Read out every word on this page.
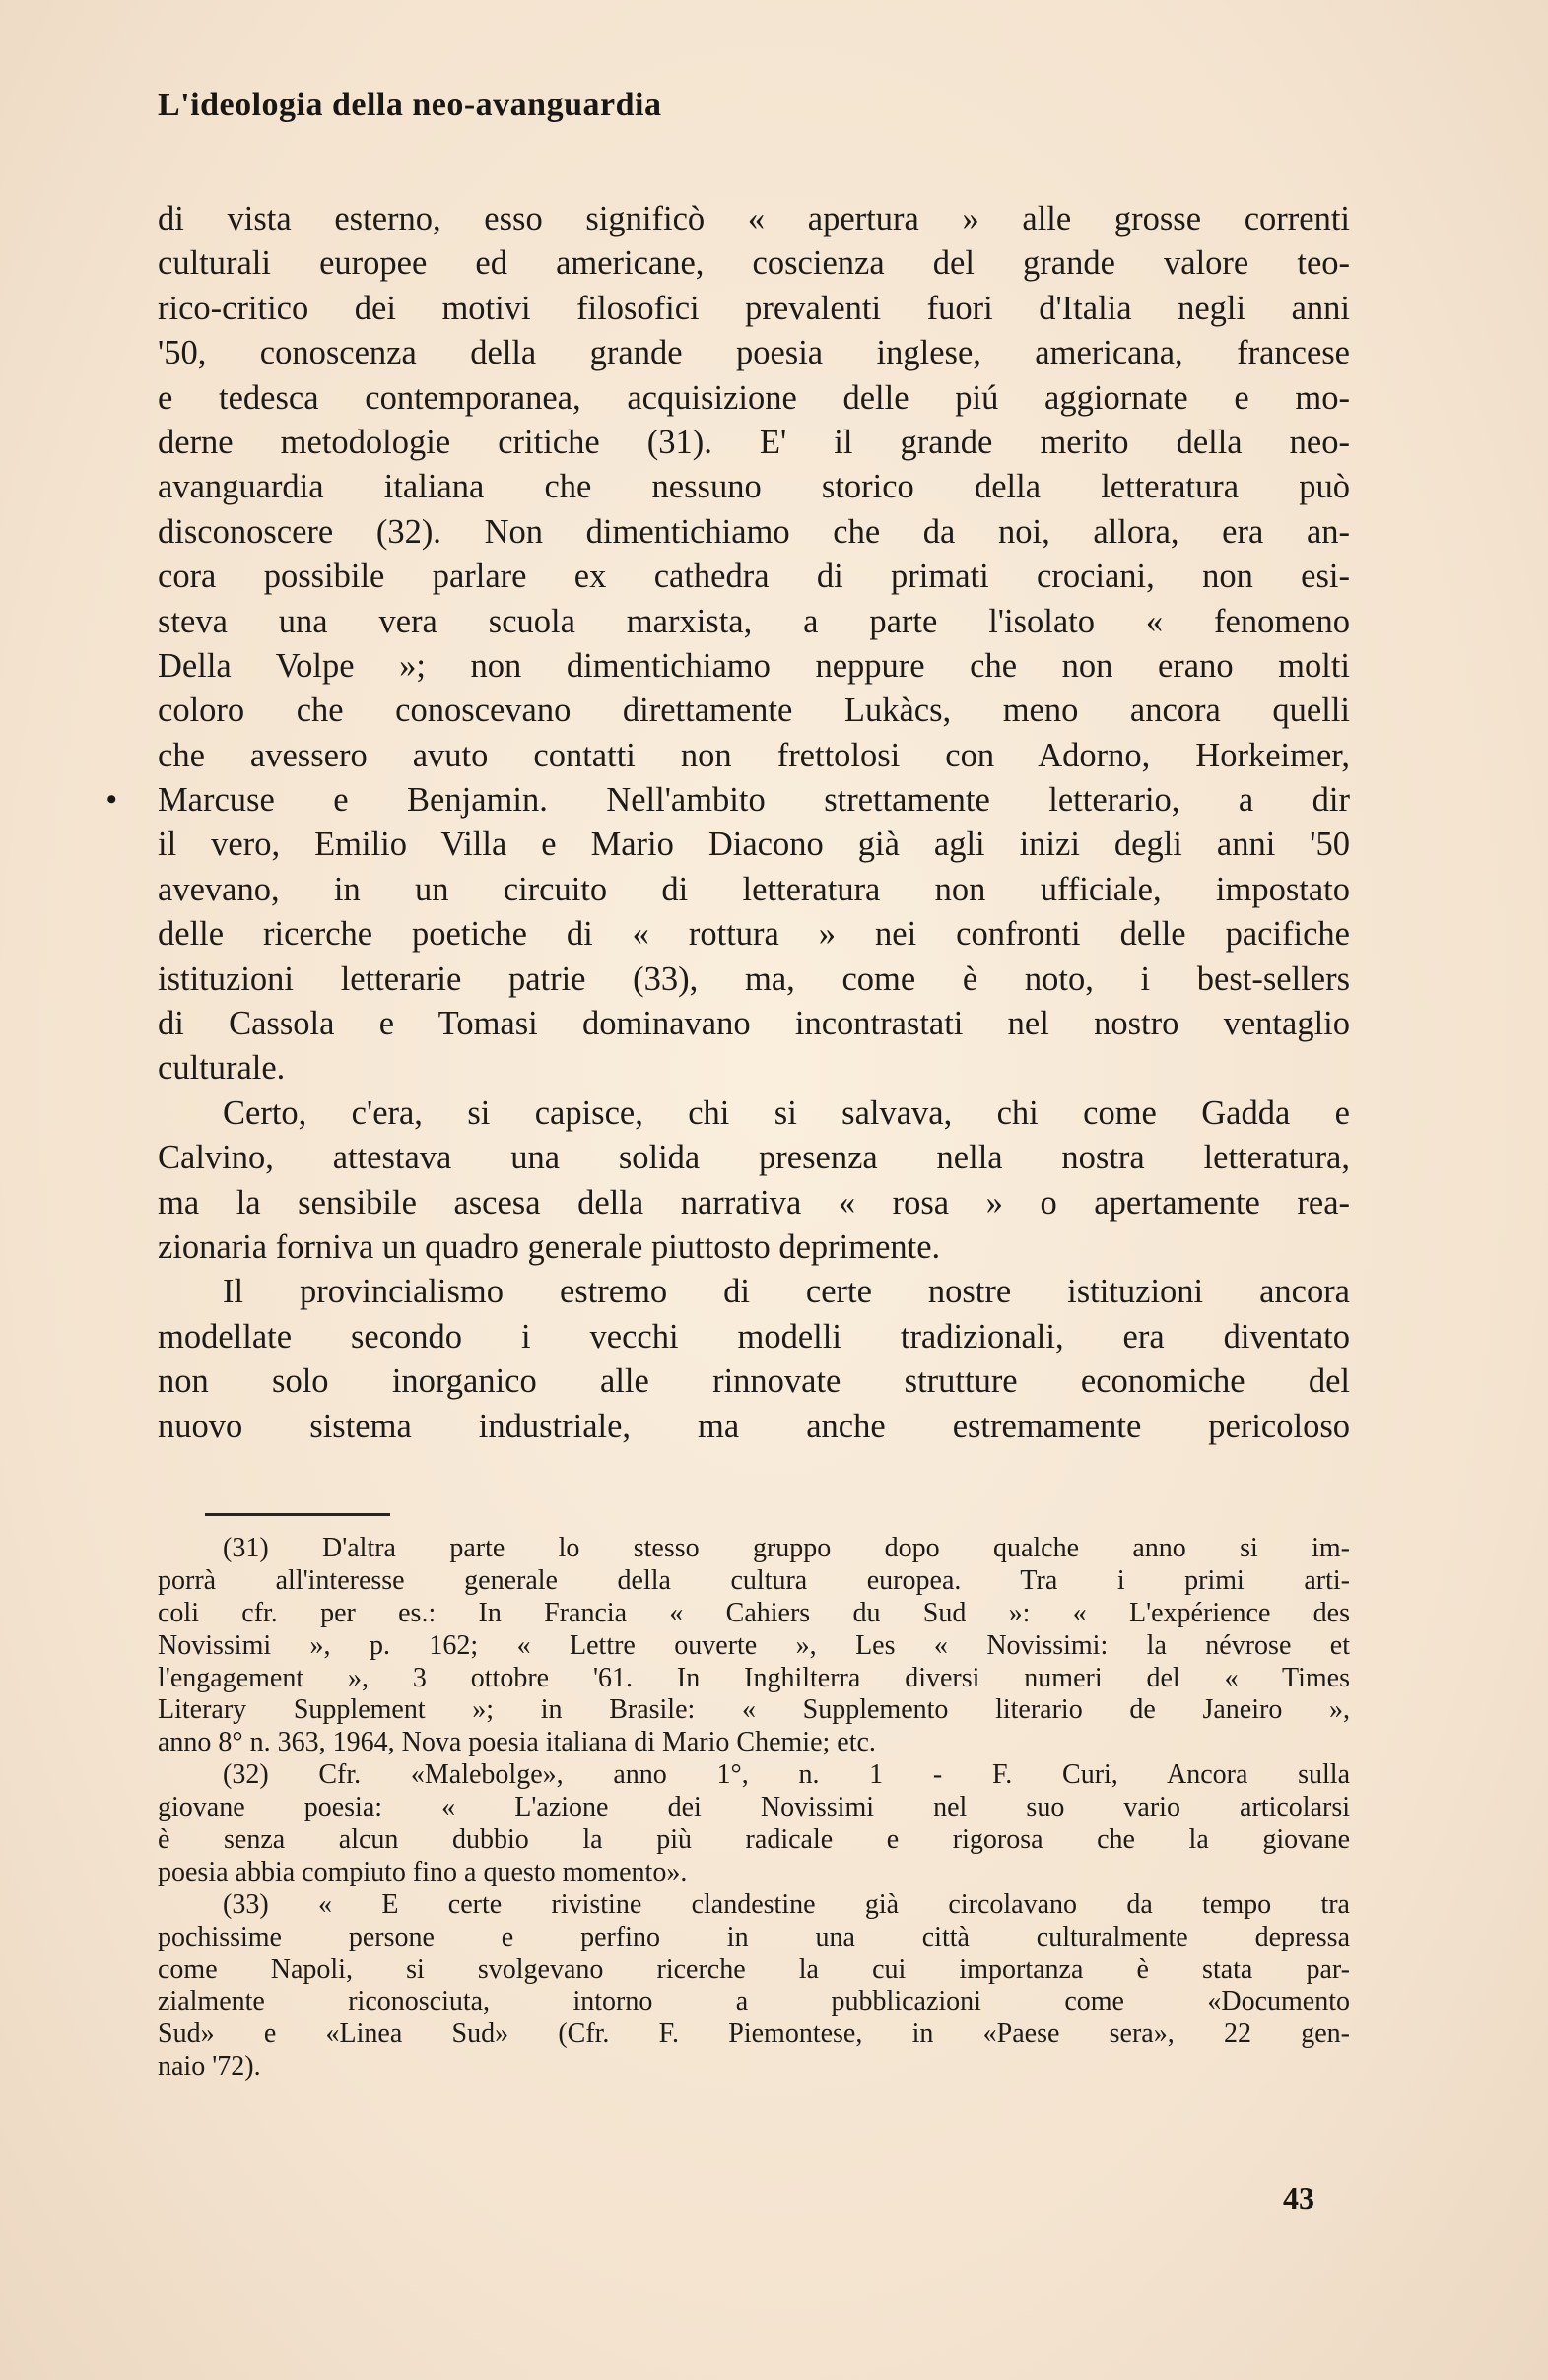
L'ideologia della neo-avanguardia
•
di vista esterno, esso significò « apertura » alle grosse correnti
culturali europee ed americane, coscienza del grande valore teo-
rico-critico dei motivi filosofici prevalenti fuori d'Italia negli anni
'50, conoscenza della grande poesia inglese, americana, francese
e tedesca contemporanea, acquisizione delle piú aggiornate e mo-
derne metodologie critiche (31). E' il grande merito della neo-
avanguardia italiana che nessuno storico della letteratura può
disconoscere (32). Non dimentichiamo che da noi, allora, era an-
cora possibile parlare ex cathedra di primati crociani, non esi-
steva una vera scuola marxista, a parte l'isolato « fenomeno
Della Volpe »; non dimentichiamo neppure che non erano molti
coloro che conoscevano direttamente Lukàcs, meno ancora quelli
che avessero avuto contatti non frettolosi con Adorno, Horkeimer,
Marcuse e Benjamin. Nell'ambito strettamente letterario, a dir
il vero, Emilio Villa e Mario Diacono già agli inizi degli anni '50
avevano, in un circuito di letteratura non ufficiale, impostato
delle ricerche poetiche di « rottura » nei confronti delle pacifiche
istituzioni letterarie patrie (33), ma, come è noto, i best-sellers
di Cassola e Tomasi dominavano incontrastati nel nostro ventaglio
culturale.
Certo, c'era, si capisce, chi si salvava, chi come Gadda e
Calvino, attestava una solida presenza nella nostra letteratura,
ma la sensibile ascesa della narrativa « rosa » o apertamente rea-
zionaria forniva un quadro generale piuttosto deprimente.
Il provincialismo estremo di certe nostre istituzioni ancora
modellate secondo i vecchi modelli tradizionali, era diventato
non solo inorganico alle rinnovate strutture economiche del
nuovo sistema industriale, ma anche estremamente pericoloso
(31) D'altra parte lo stesso gruppo dopo qualche anno si im-
porrà all'interesse generale della cultura europea. Tra i primi arti-
coli cfr. per es.: In Francia « Cahiers du Sud »: « L'expérience des
Novissimi », p. 162; « Lettre ouverte », Les « Novissimi: la névrose et
l'engagement », 3 ottobre '61. In Inghilterra diversi numeri del « Times
Literary Supplement »; in Brasile: « Supplemento literario de Janeiro »,
anno 8° n. 363, 1964, Nova poesia italiana di Mario Chemie; etc.
(32) Cfr. «Malebolge», anno 1°, n. 1 - F. Curi, Ancora sulla
giovane poesia: « L'azione dei Novissimi nel suo vario articolarsi
è senza alcun dubbio la più radicale e rigorosa che la giovane
poesia abbia compiuto fino a questo momento».
(33) « E certe rivistine clandestine già circolavano da tempo tra
pochissime persone e perfino in una città culturalmente depressa
come Napoli, si svolgevano ricerche la cui importanza è stata par-
zialmente riconosciuta, intorno a pubblicazioni come «Documento
Sud» e «Linea Sud» (Cfr. F. Piemontese, in «Paese sera», 22 gen-
naio '72).
43
